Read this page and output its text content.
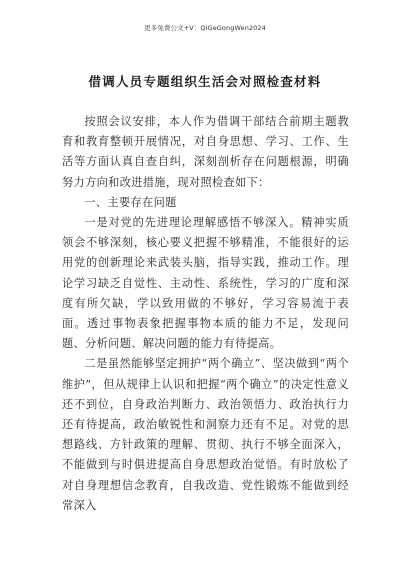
更多免费公文+V：QiGeGongWen2024
借调人员专题组织生活会对照检查材料

按照会议安排，本人作为借调干部结合前期主题教育和教育整顿开展情况，对自身思想、学习、工作、生活等方面认真自查自纠，深刻剖析存在问题根源，明确努力方向和改进措施，现对照检查如下：

一、主要存在问题

一是对党的先进理论理解感悟不够深入。精神实质领会不够深刻，核心要义把握不够精准，不能很好的运用党的创新理论来武装头脑，指导实践，推动工作。理论学习缺乏自觉性、主动性、系统性，学习的广度和深度有所欠缺，学以致用做的不够好，学习容易流于表面。透过事物表象把握事物本质的能力不足，发现问题、分析问题、解决问题的能力有待提高。

二是虽然能够坚定拥护“两个确立”、坚决做到“两个维护”，但从规律上认识和把握“两个确立”的决定性意义还不到位，自身政治判断力、政治领悟力、政治执行力还有待提高，政治敏锐性和洞察力还有不足。对党的思想路线、方针政策的理解、贯彻、执行不够全面深入，不能做到与时俱进提高自身思想政治觉悟。有时放松了对自身理想信念教育，自我改造、党性锻炼不能做到经常深入
